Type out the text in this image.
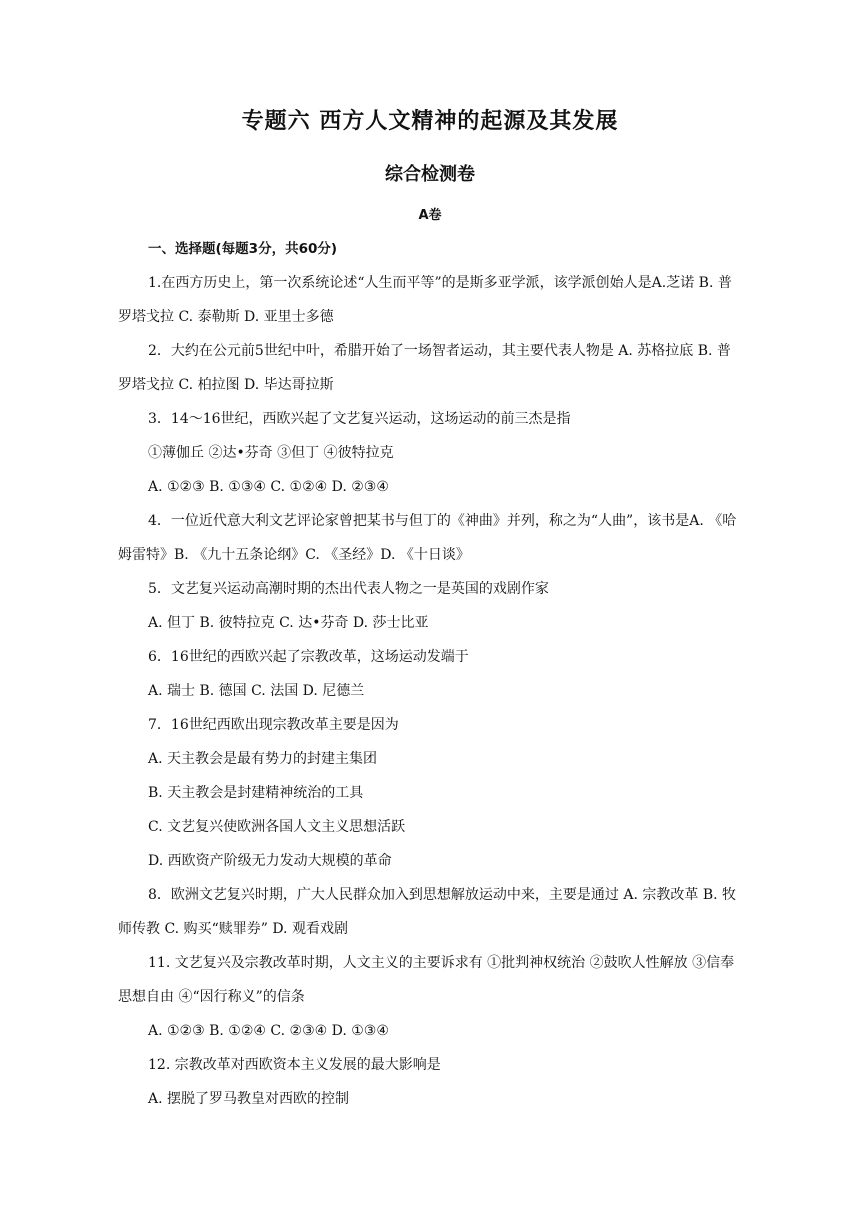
专题六 西方人文精神的起源及其发展
综合检测卷
A卷
一、选择题(每题3分，共60分)

1.在西方历史上，第一次系统论述“人生而平等”的是斯多亚学派，该学派创始人是A.芝诺 B. 普罗塔戈拉 C. 泰勒斯 D. 亚里士多德

2．大约在公元前5世纪中叶，希腊开始了一场智者运动，其主要代表人物是 A. 苏格拉底 B. 普罗塔戈拉 C. 柏拉图 D. 毕达哥拉斯

3．14～16世纪，西欧兴起了文艺复兴运动，这场运动的前三杰是指

①薄伽丘 ②达•芬奇 ③但丁 ④彼特拉克

A. ①②③ B. ①③④ C. ①②④ D. ②③④

4．一位近代意大利文艺评论家曾把某书与但丁的《神曲》并列，称之为“人曲”，该书是A. 《哈姆雷特》B. 《九十五条论纲》C. 《圣经》D. 《十日谈》

5．文艺复兴运动高潮时期的杰出代表人物之一是英国的戏剧作家

A. 但丁 B. 彼特拉克 C. 达•芬奇 D. 莎士比亚

6．16世纪的西欧兴起了宗教改革，这场运动发端于

A. 瑞士 B. 德国 C. 法国 D. 尼德兰

7．16世纪西欧出现宗教改革主要是因为

A. 天主教会是最有势力的封建主集团

B. 天主教会是封建精神统治的工具

C. 文艺复兴使欧洲各国人文主义思想活跃

D. 西欧资产阶级无力发动大规模的革命

8．欧洲文艺复兴时期，广大人民群众加入到思想解放运动中来，主要是通过 A. 宗教改革 B. 牧师传教 C. 购买“赎罪券” D. 观看戏剧

11. 文艺复兴及宗教改革时期，人文主义的主要诉求有 ①批判神权统治 ②鼓吹人性解放 ③信奉思想自由 ④“因行称义”的信条

A. ①②③ B. ①②④ C. ②③④ D. ①③④

12. 宗教改革对西欧资本主义发展的最大影响是

A. 摆脱了罗马教皇对西欧的控制
